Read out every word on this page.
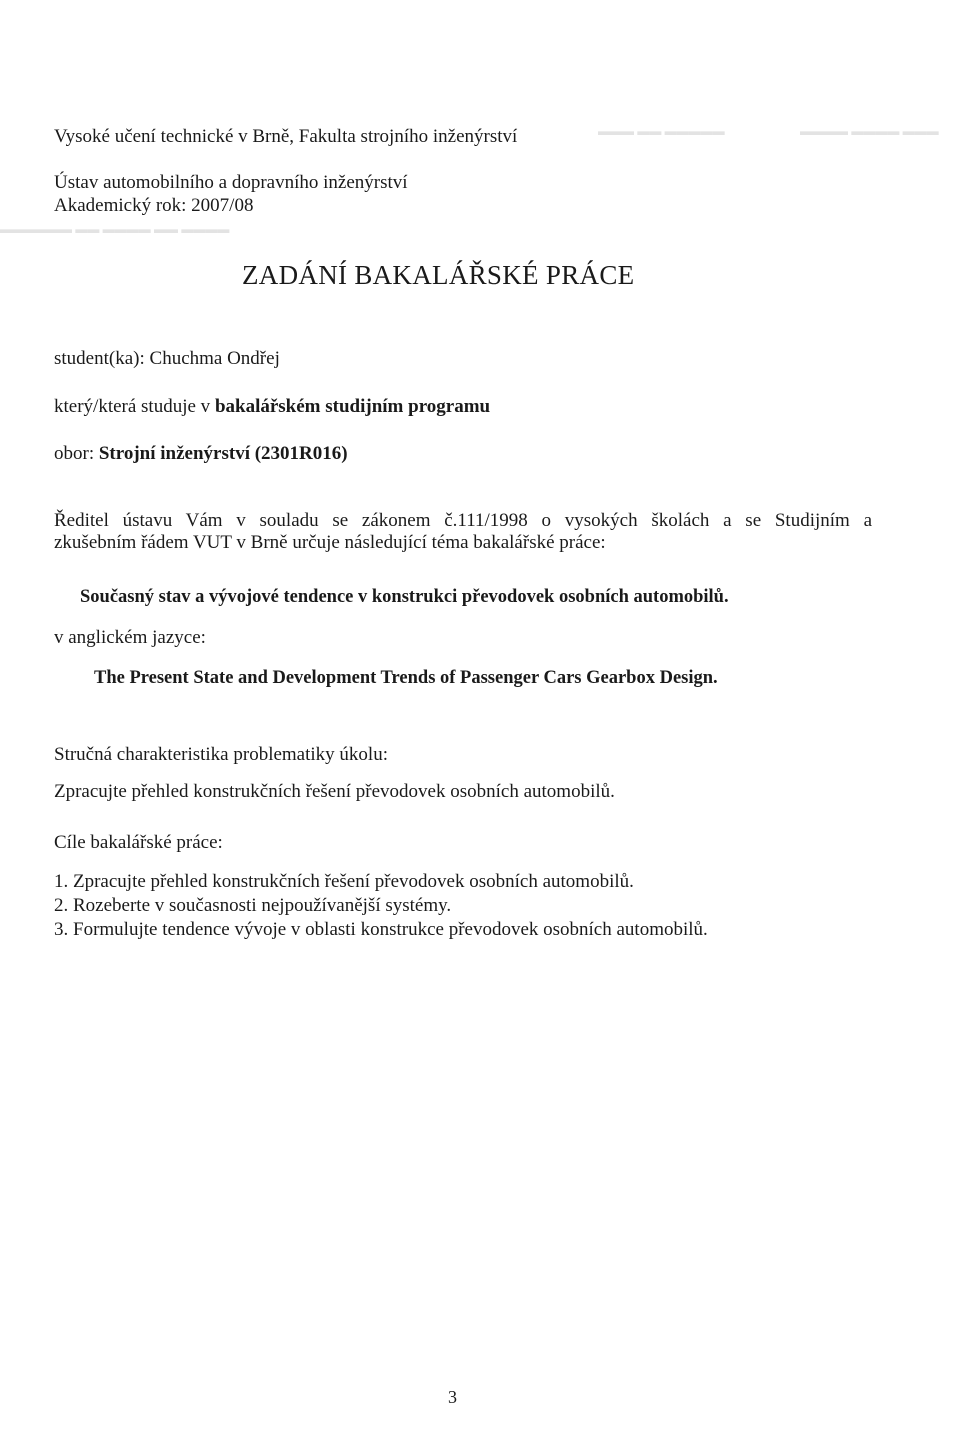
▬▬▬ ▬▬ ▬▬▬▬▬	▬▬▬▬ ▬▬▬▬ ▬▬▬
▬▬▬▬▬▬ ▬▬ ▬▬▬▬ ▬▬ ▬▬▬▬
Vysoké učení technické v Brně, Fakulta strojního inženýrství
Ústav automobilního a dopravního inženýrství
Akademický rok: 2007/08
ZADÁNÍ BAKALÁŘSKÉ PRÁCE
student(ka): Chuchma Ondřej
který/která studuje v bakalářském studijním programu
obor: Strojní inženýrství (2301R016)
Ředitel ústavu Vám v souladu se zákonem č.111/1998 o vysokých školách a se Studijním a
zkušebním řádem VUT v Brně určuje následující téma bakalářské práce:
Současný stav a vývojové tendence v konstrukci převodovek osobních automobilů.
v anglickém jazyce:
The Present State and Development Trends of Passenger Cars Gearbox Design.
Stručná charakteristika problematiky úkolu:
Zpracujte přehled konstrukčních řešení převodovek osobních automobilů.
Cíle bakalářské práce:
1. Zpracujte přehled konstrukčních řešení převodovek osobních automobilů.
2. Rozeberte v současnosti nejpoužívanější systémy.
3. Formulujte tendence vývoje v oblasti konstrukce převodovek osobních automobilů.
3
